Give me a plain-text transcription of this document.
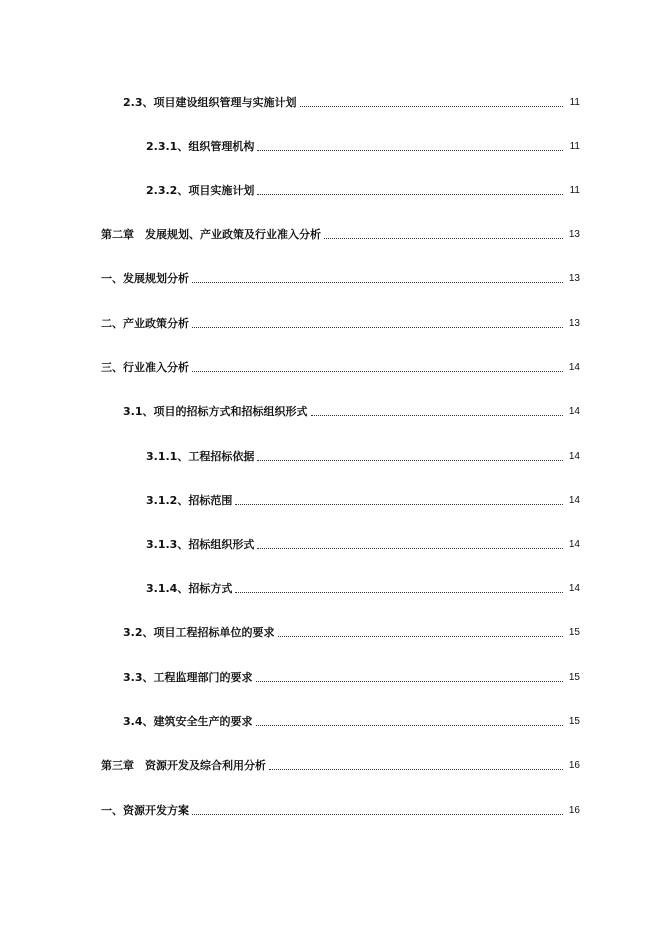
2.3、项目建设组织管理与实施计划	11
2.3.1、组织管理机构	11
2.3.2、项目实施计划	11
第二章　发展规划、产业政策及行业准入分析	13
一、发展规划分析	13
二、产业政策分析	13
三、行业准入分析	14
3.1、项目的招标方式和招标组织形式	14
3.1.1、工程招标依据	14
3.1.2、招标范围	14
3.1.3、招标组织形式	14
3.1.4、招标方式	14
3.2、项目工程招标单位的要求	15
3.3、工程监理部门的要求	15
3.4、建筑安全生产的要求	15
第三章　资源开发及综合利用分析	16
一、资源开发方案	16
